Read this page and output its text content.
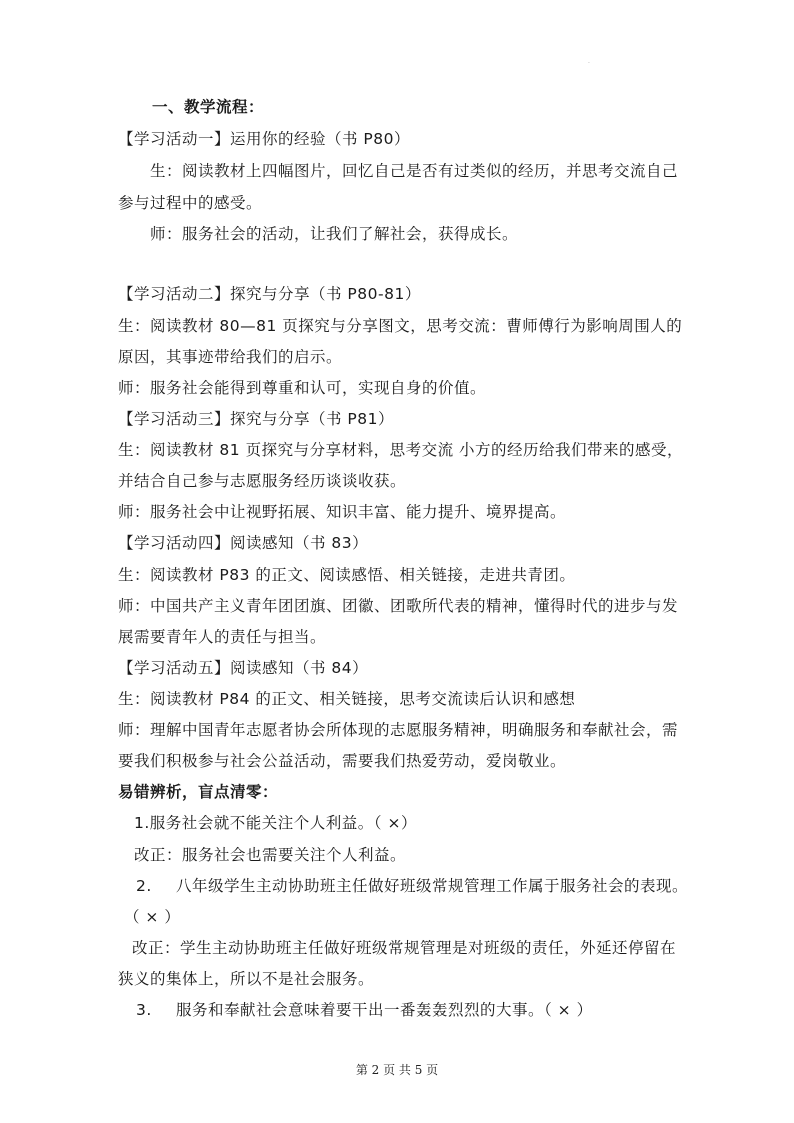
.
一、教学流程：
【学习活动一】运用你的经验（书 P80）
生：阅读教材上四幅图片，回忆自己是否有过类似的经历，并思考交流自己
参与过程中的感受。
师：服务社会的活动，让我们了解社会，获得成长。
【学习活动二】探究与分享（书 P80-81）
生：阅读教材 80—81 页探究与分享图文，思考交流：曹师傅行为影响周围人的
原因，其事迹带给我们的启示。
师：服务社会能得到尊重和认可，实现自身的价值。
【学习活动三】探究与分享（书 P81）
生：阅读教材 81 页探究与分享材料，思考交流 小方的经历给我们带来的感受，
并结合自己参与志愿服务经历谈谈收获。
师：服务社会中让视野拓展、知识丰富、能力提升、境界提高。
【学习活动四】阅读感知（书 83）
生：阅读教材 P83 的正文、阅读感悟、相关链接，走进共青团。
师：中国共产主义青年团团旗、团徽、团歌所代表的精神，懂得时代的进步与发
展需要青年人的责任与担当。
【学习活动五】阅读感知（书 84）
生：阅读教材 P84 的正文、相关链接，思考交流读后认识和感想
师：理解中国青年志愿者协会所体现的志愿服务精神，明确服务和奉献社会，需
要我们积极参与社会公益活动，需要我们热爱劳动，爱岗敬业。
易错辨析，盲点清零：
1.服务社会就不能关注个人利益。（ ×）
改正：服务社会也需要关注个人利益。
2. 八年级学生主动协助班主任做好班级常规管理工作属于服务社会的表现。
（ × ）
改正：学生主动协助班主任做好班级常规管理是对班级的责任，外延还停留在
狭义的集体上，所以不是社会服务。
3. 服务和奉献社会意味着要干出一番轰轰烈烈的大事。（ × ）
第 2 页 共 5 页
